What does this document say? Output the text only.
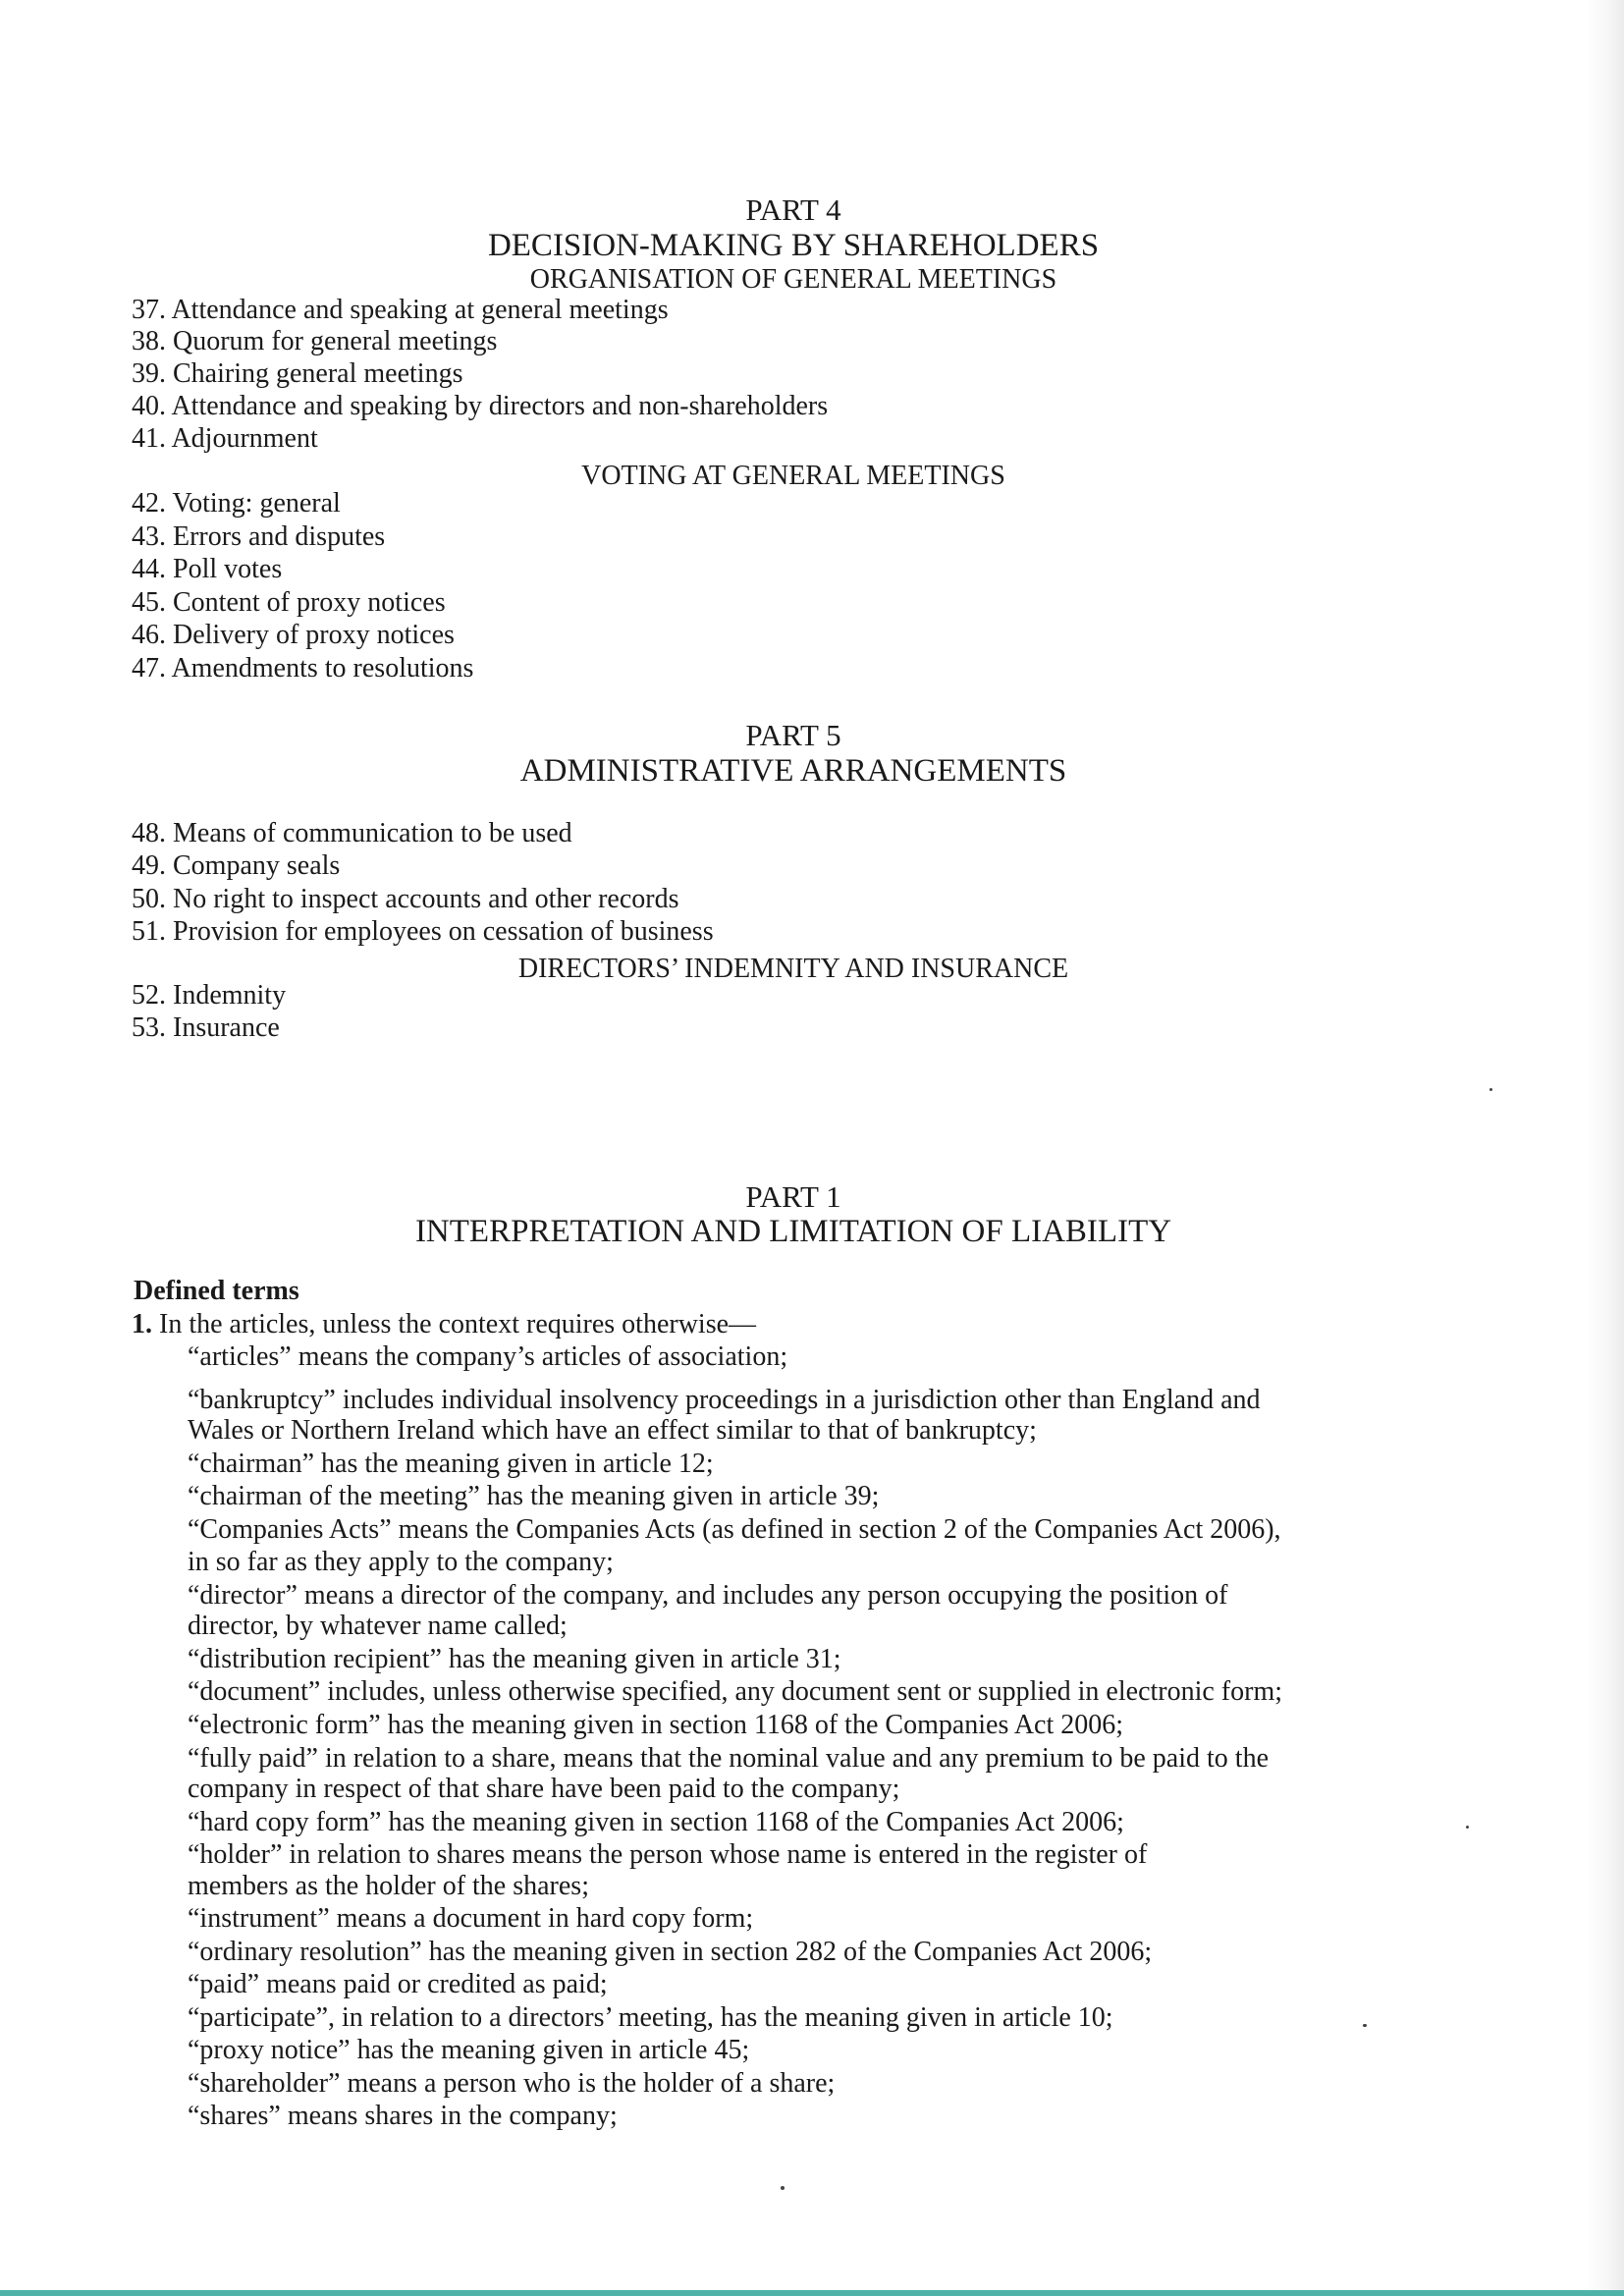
PART 4
DECISION-MAKING BY SHAREHOLDERS
ORGANISATION OF GENERAL MEETINGS
37. Attendance and speaking at general meetings
38. Quorum for general meetings
39. Chairing general meetings
40. Attendance and speaking by directors and non-shareholders
41. Adjournment
VOTING AT GENERAL MEETINGS
42. Voting: general
43. Errors and disputes
44. Poll votes
45. Content of proxy notices
46. Delivery of proxy notices
47. Amendments to resolutions
PART 5
ADMINISTRATIVE ARRANGEMENTS
48. Means of communication to be used
49. Company seals
50. No right to inspect accounts and other records
51. Provision for employees on cessation of business
DIRECTORS’ INDEMNITY AND INSURANCE
52. Indemnity
53. Insurance
PART 1
INTERPRETATION AND LIMITATION OF LIABILITY
Defined terms
1. In the articles, unless the context requires otherwise—
“articles” means the company’s articles of association;
“bankruptcy” includes individual insolvency proceedings in a jurisdiction other than England and
Wales or Northern Ireland which have an effect similar to that of bankruptcy;
“chairman” has the meaning given in article 12;
“chairman of the meeting” has the meaning given in article 39;
“Companies Acts” means the Companies Acts (as defined in section 2 of the Companies Act 2006),
in so far as they apply to the company;
“director” means a director of the company, and includes any person occupying the position of
director, by whatever name called;
“distribution recipient” has the meaning given in article 31;
“document” includes, unless otherwise specified, any document sent or supplied in electronic form;
“electronic form” has the meaning given in section 1168 of the Companies Act 2006;
“fully paid” in relation to a share, means that the nominal value and any premium to be paid to the
company in respect of that share have been paid to the company;
“hard copy form” has the meaning given in section 1168 of the Companies Act 2006;
“holder” in relation to shares means the person whose name is entered in the register of
members as the holder of the shares;
“instrument” means a document in hard copy form;
“ordinary resolution” has the meaning given in section 282 of the Companies Act 2006;
“paid” means paid or credited as paid;
“participate”, in relation to a directors’ meeting, has the meaning given in article 10;
“proxy notice” has the meaning given in article 45;
“shareholder” means a person who is the holder of a share;
“shares” means shares in the company;
